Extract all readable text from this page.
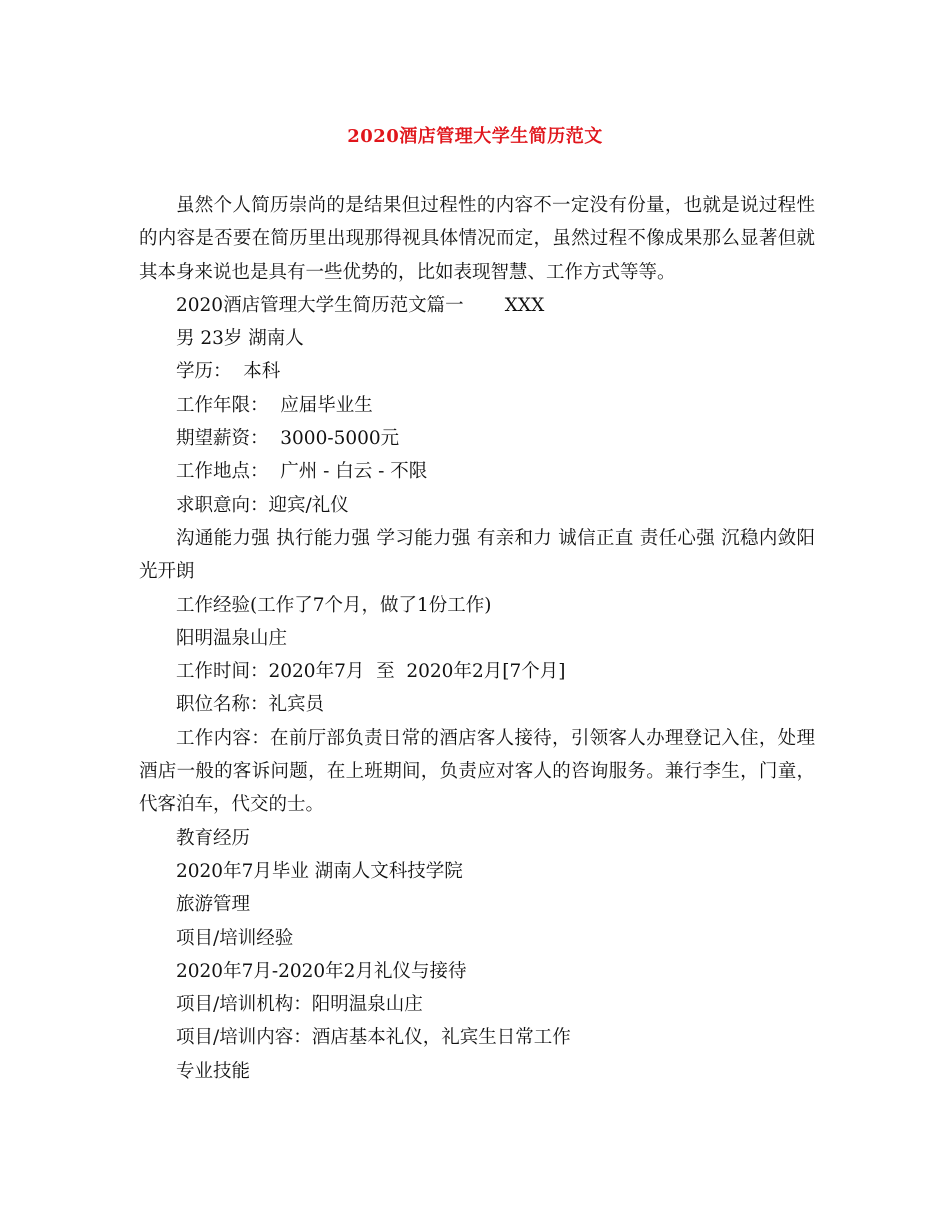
2020酒店管理大学生简历范文

虽然个人简历崇尚的是结果但过程性的内容不一定没有份量，也就是说过程性的内容是否要在简历里出现那得视具体情况而定，虽然过程不像成果那么显著但就其本身来说也是具有一些优势的，比如表现智慧、工作方式等等。

2020酒店管理大学生简历范文篇一       XXX

男 23岁 湖南人

学历：  本科

工作年限：  应届毕业生

期望薪资：  3000-5000元

工作地点：  广州 - 白云 - 不限

求职意向：迎宾/礼仪

沟通能力强 执行能力强 学习能力强 有亲和力 诚信正直 责任心强 沉稳内敛阳光开朗

工作经验(工作了7个月，做了1份工作)

阳明温泉山庄

工作时间：2020年7月  至  2020年2月[7个月]

职位名称：礼宾员

工作内容：在前厅部负责日常的酒店客人接待，引领客人办理登记入住，处理酒店一般的客诉问题，在上班期间，负责应对客人的咨询服务。兼行李生，门童，代客泊车，代交的士。

教育经历

2020年7月毕业 湖南人文科技学院

旅游管理

项目/培训经验

2020年7月-2020年2月礼仪与接待

项目/培训机构：阳明温泉山庄

项目/培训内容：酒店基本礼仪，礼宾生日常工作

专业技能
